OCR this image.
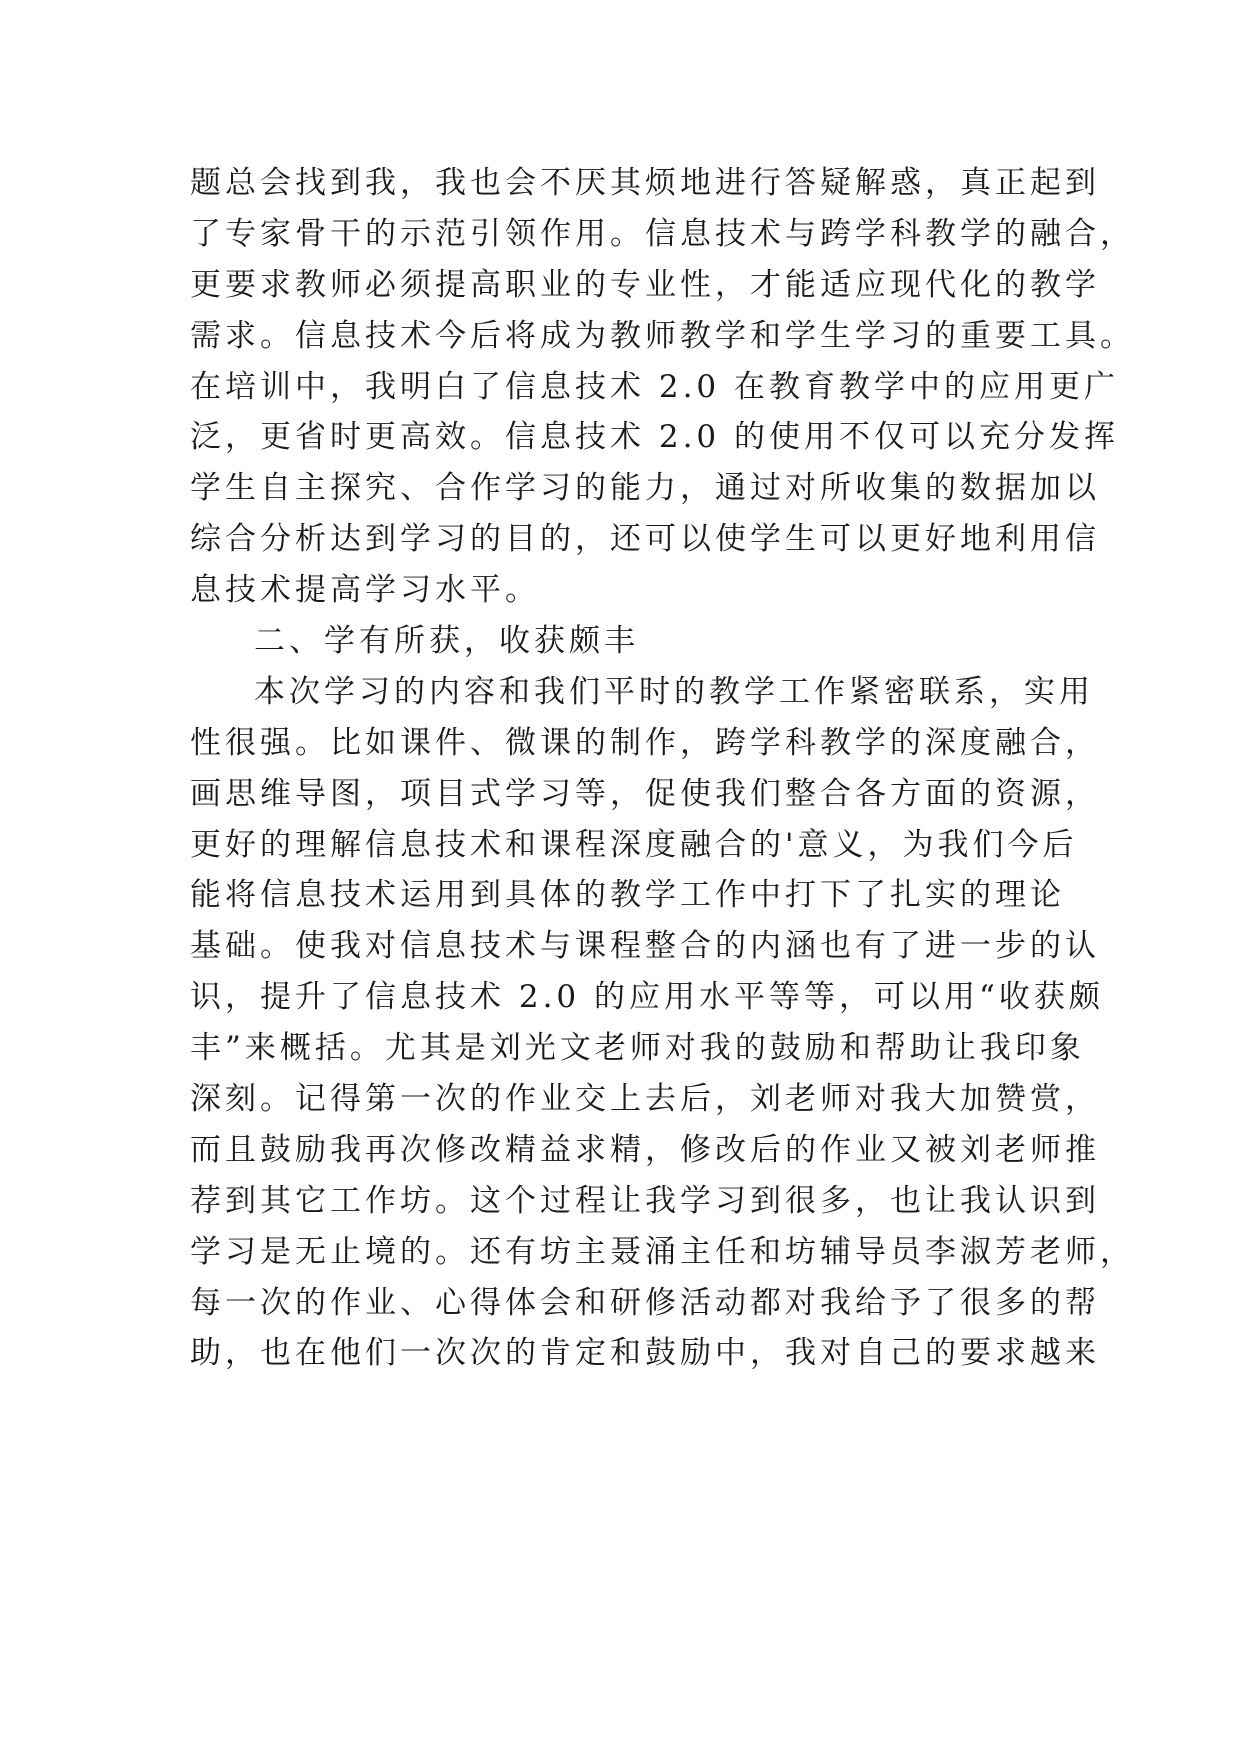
题总会找到我，我也会不厌其烦地进行答疑解惑，真正起到
了专家骨干的示范引领作用。信息技术与跨学科教学的融合，
更要求教师必须提高职业的专业性，才能适应现代化的教学
需求。信息技术今后将成为教师教学和学生学习的重要工具。
在培训中，我明白了信息技术 2.0 在教育教学中的应用更广
泛，更省时更高效。信息技术 2.0 的使用不仅可以充分发挥
学生自主探究、合作学习的能力，通过对所收集的数据加以
综合分析达到学习的目的，还可以使学生可以更好地利用信
息技术提高学习水平。
二、学有所获，收获颇丰
本次学习的内容和我们平时的教学工作紧密联系，实用
性很强。比如课件、微课的制作，跨学科教学的深度融合，
画思维导图，项目式学习等，促使我们整合各方面的资源，
更好的理解信息技术和课程深度融合的'意义，为我们今后
能将信息技术运用到具体的教学工作中打下了扎实的理论
基础。使我对信息技术与课程整合的内涵也有了进一步的认
识，提升了信息技术 2.0 的应用水平等等，可以用“收获颇
丰”来概括。尤其是刘光文老师对我的鼓励和帮助让我印象
深刻。记得第一次的作业交上去后，刘老师对我大加赞赏，
而且鼓励我再次修改精益求精，修改后的作业又被刘老师推
荐到其它工作坊。这个过程让我学习到很多，也让我认识到
学习是无止境的。还有坊主聂涌主任和坊辅导员李淑芳老师，
每一次的作业、心得体会和研修活动都对我给予了很多的帮
助，也在他们一次次的肯定和鼓励中，我对自己的要求越来
